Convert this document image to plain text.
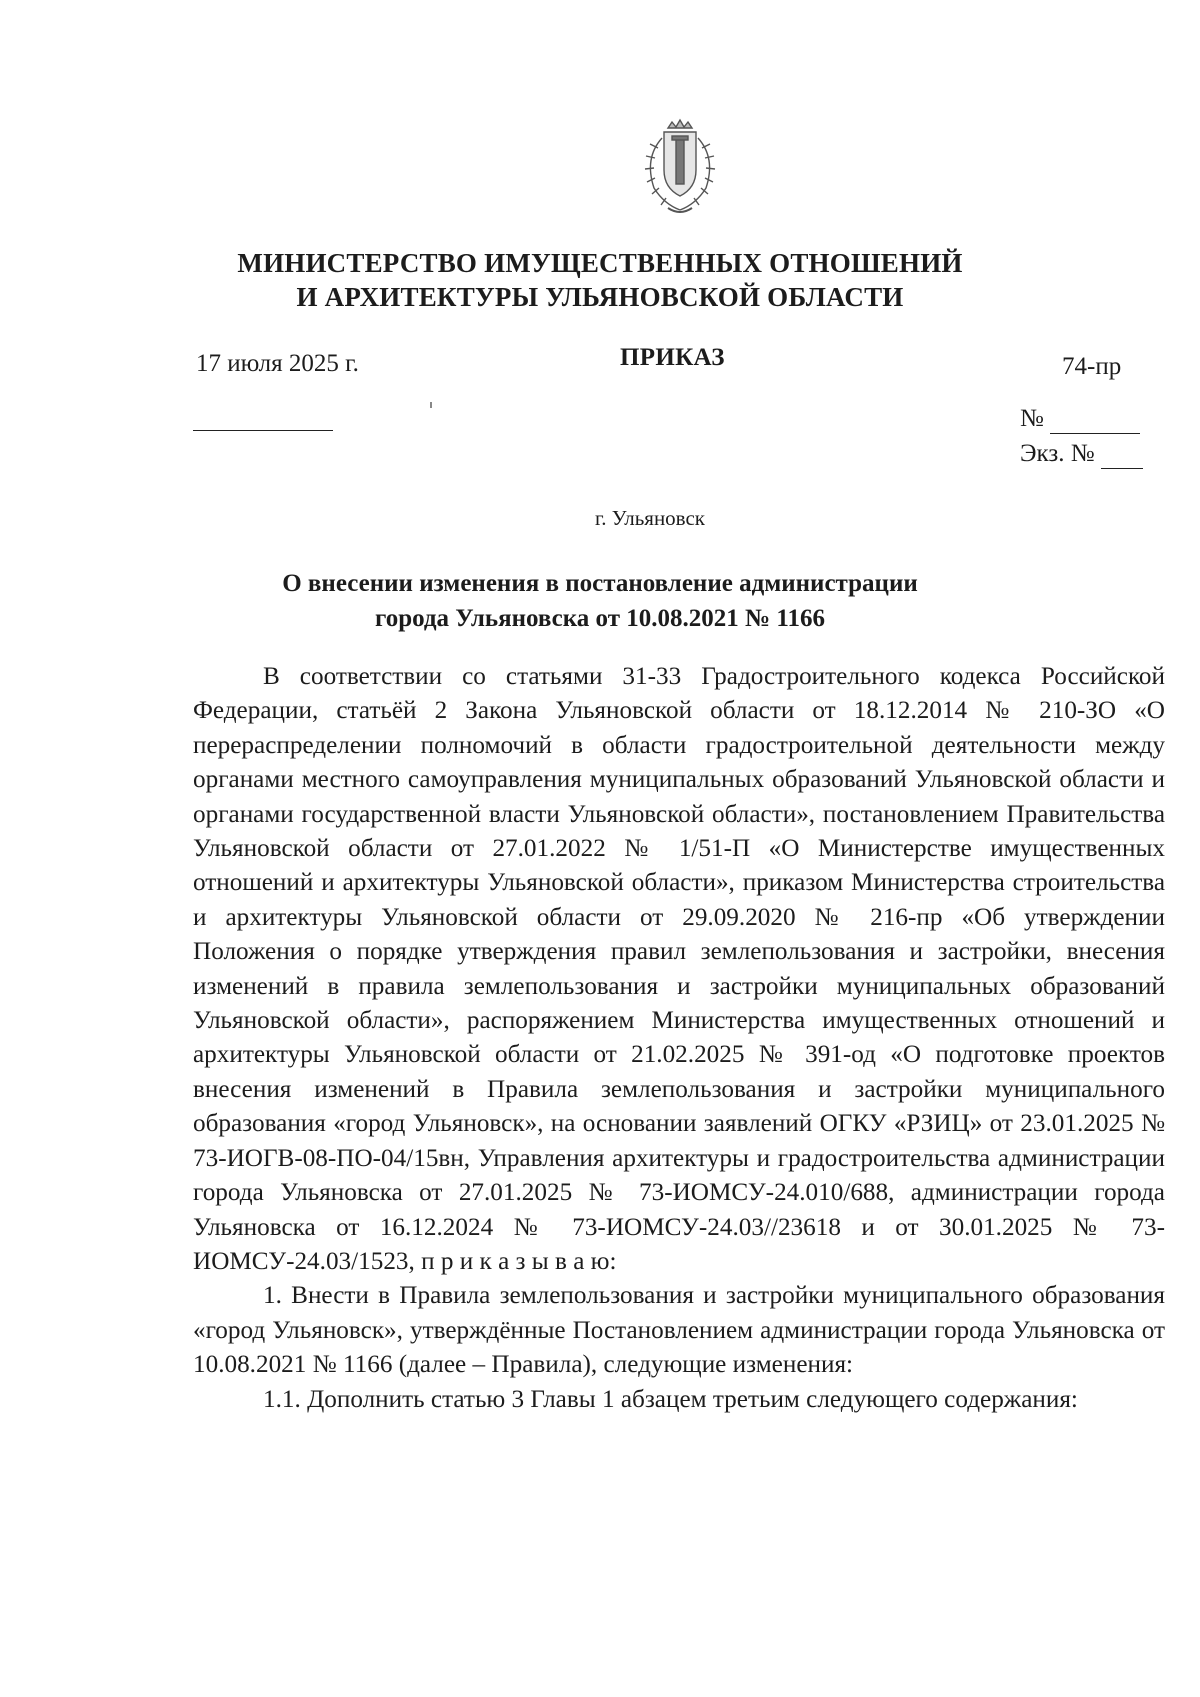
МИНИСТЕРСТВО ИМУЩЕСТВЕННЫХ ОТНОШЕНИЙ
И АРХИТЕКТУРЫ УЛЬЯНОВСКОЙ ОБЛАСТИ
17 июля 2025 г.	ПРИКАЗ	74-пр
№
Экз. №
г. Ульяновск
О внесении изменения в постановление администрации
города Ульяновска от 10.08.2021 № 1166

В соответствии со статьями 31-33 Градостроительного кодекса Российской Федерации, статьёй 2 Закона Ульяновской области от 18.12.2014 № 210-ЗО «О перераспределении полномочий в области градостроительной деятельности между органами местного самоуправления муниципальных образований Ульяновской области и органами государственной власти Ульяновской области», постановлением Правительства Ульяновской области от 27.01.2022 № 1/51-П «О Министерстве имущественных отношений и архитектуры Ульяновской области», приказом Министерства строительства и архитектуры Ульяновской области от 29.09.2020 № 216-пр «Об утверждении Положения о порядке утверждения правил землепользования и застройки, внесения изменений в правила землепользования и застройки муниципальных образований Ульяновской области», распоряжением Министерства имущественных отношений и архитектуры Ульяновской области от 21.02.2025 № 391-од «О подготовке проектов внесения изменений в Правила землепользования и застройки муниципального образования «город Ульяновск», на основании заявлений ОГКУ «РЗИЦ» от 23.01.2025 № 73-ИОГВ-08-ПО-04/15вн, Управления архитектуры и градостроительства администрации города Ульяновска от 27.01.2025 № 73-ИОМСУ-24.010/688, администрации города Ульяновска от 16.12.2024 № 73-ИОМСУ-24.03//23618 и от 30.01.2025 № 73-ИОМСУ-24.03/1523, п р и к а з ы в а ю:

1. Внести в Правила землепользования и застройки муниципального образования «город Ульяновск», утверждённые Постановлением администрации города Ульяновска от 10.08.2021 № 1166 (далее – Правила), следующие изменения:

1.1. Дополнить статью 3 Главы 1 абзацем третьим следующего содержания:
